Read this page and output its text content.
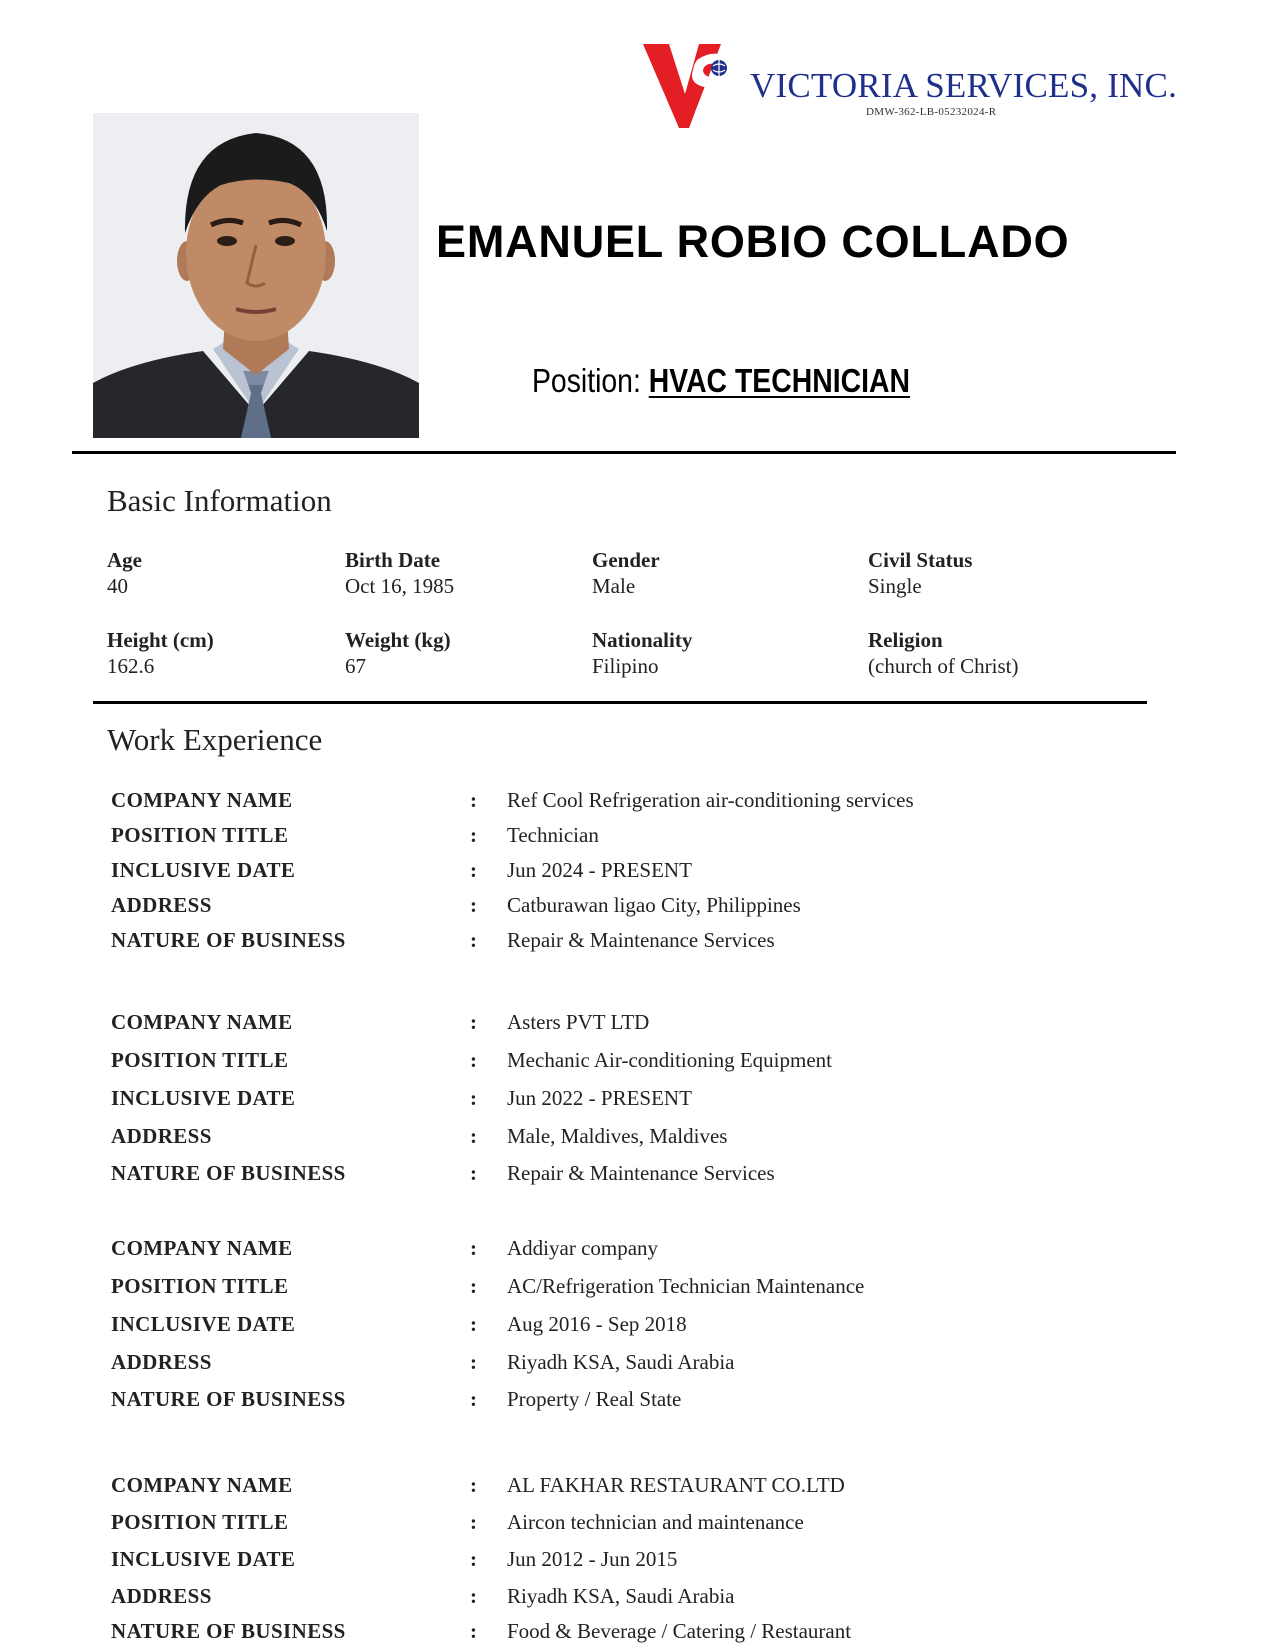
VICTORIA SERVICES, INC.
DMW-362-LB-05232024-R
EMANUEL ROBIO COLLADO
Position: HVAC TECHNICIAN
Basic Information
Age
40
Birth Date
Oct 16, 1985
Gender
Male
Civil Status
Single
Height (cm)
162.6
Weight (kg)
67
Nationality
Filipino
Religion
(church of Christ)
Work Experience
COMPANY NAME	: Ref Cool Refrigeration air-conditioning services
POSITION TITLE	: Technician
INCLUSIVE DATE	: Jun 2024 - PRESENT
ADDRESS	: Catburawan ligao City, Philippines
NATURE OF BUSINESS	: Repair & Maintenance Services
COMPANY NAME	: Asters PVT LTD
POSITION TITLE	: Mechanic Air-conditioning Equipment
INCLUSIVE DATE	: Jun 2022 - PRESENT
ADDRESS	: Male, Maldives, Maldives
NATURE OF BUSINESS	: Repair & Maintenance Services
COMPANY NAME	: Addiyar company
POSITION TITLE	: AC/Refrigeration Technician Maintenance
INCLUSIVE DATE	: Aug 2016 - Sep 2018
ADDRESS	: Riyadh KSA, Saudi Arabia
NATURE OF BUSINESS	: Property / Real State
COMPANY NAME	: AL FAKHAR RESTAURANT CO.LTD
POSITION TITLE	: Aircon technician and maintenance
INCLUSIVE DATE	: Jun 2012 - Jun 2015
ADDRESS	: Riyadh KSA, Saudi Arabia
NATURE OF BUSINESS	: Food & Beverage / Catering / Restaurant
